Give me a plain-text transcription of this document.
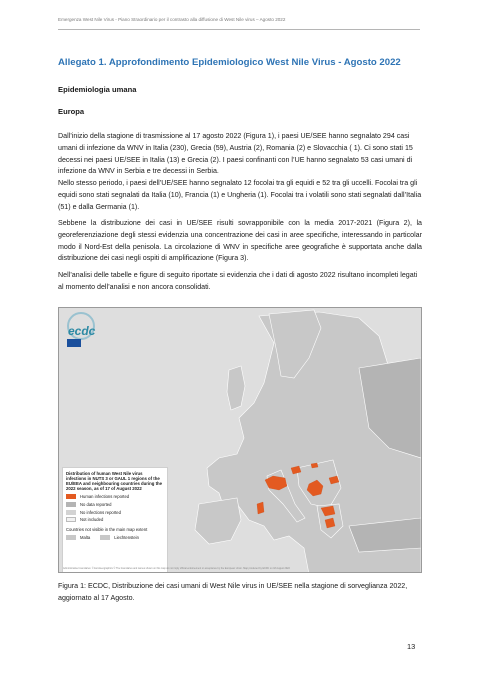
Emergenza West Nile Virus - Piano Straordinario per il contrasto alla diffusione di West Nile virus – Agosto 2022
Allegato 1. Approfondimento Epidemiologico West Nile Virus - Agosto 2022
Epidemiologia umana
Europa

Dall’inizio della stagione di trasmissione al 17 agosto 2022 (Figura 1), i paesi UE/SEE hanno segnalato 294 casi umani di infezione da WNV in Italia (230), Grecia (59), Austria (2), Romania (2) e Slovacchia ( 1). Ci sono stati 15 decessi nei paesi UE/SEE in Italia (13) e Grecia (2). I paesi confinanti con l’UE hanno segnalato 53 casi umani di infezione da WNV in Serbia e tre decessi in Serbia.

Nello stesso periodo, i paesi dell’UE/SEE hanno segnalato 12 focolai tra gli equidi e 52 tra gli uccelli. Focolai tra gli equidi sono stati segnalati da Italia (10), Francia (1) e Ungheria (1). Focolai tra i volatili sono stati segnalati dall’Italia (51) e dalla Germania (1).

Sebbene la distribuzione dei casi in UE/SEE risulti sovrapponibile con la media 2017-2021 (Figura 2), la georeferenziazione degli stessi evidenzia una concentrazione dei casi in aree specifiche, interessando in particolar modo il Nord-Est della penisola. La circolazione di WNV in specifiche aree geografiche è supportata anche dalla distribuzione dei casi negli ospiti di amplificazione (Figura 3).

Nell’analisi delle tabelle e figure di seguito riportate si evidenzia che i dati di agosto 2022 risultano incompleti legati al momento dell’analisi e non ancora consolidati.

ecdc
Distribution of human West Nile virus infections in NUTS 3 or GAUL 1 regions of the EU/EEA and neighbouring countries during the 2022 season, as of 17 of August 2022
Human infections reported
No data reported
No infections reported
Not included
Countries not visible in the main map extent
Malta	Liechtenstein
Administrative boundaries: © EuroGeographics © The boundaries and names shown on this map do not imply official endorsement or acceptance by the European Union. Map produced by ECDC on 18 August 2022

Figura 1: ECDC, Distribuzione dei casi umani di West Nile virus in UE/SEE nella stagione di sorveglianza 2022, aggiornato al 17 Agosto.

13
